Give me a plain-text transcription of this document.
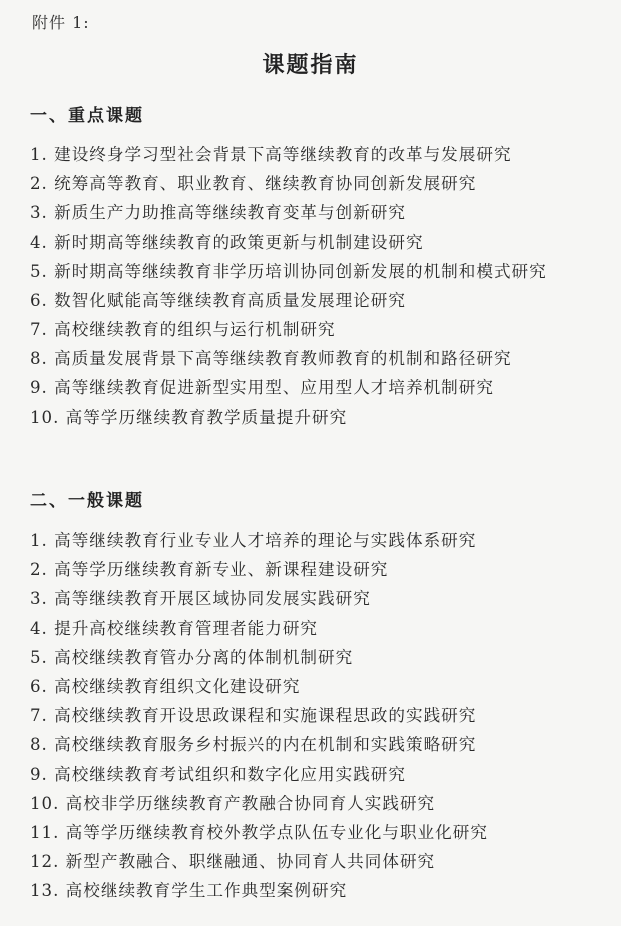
附件 1:
课题指南
一、重点课题
1. 建设终身学习型社会背景下高等继续教育的改革与发展研究
2. 统筹高等教育、职业教育、继续教育协同创新发展研究
3. 新质生产力助推高等继续教育变革与创新研究
4. 新时期高等继续教育的政策更新与机制建设研究
5. 新时期高等继续教育非学历培训协同创新发展的机制和模式研究
6. 数智化赋能高等继续教育高质量发展理论研究
7. 高校继续教育的组织与运行机制研究
8. 高质量发展背景下高等继续教育教师教育的机制和路径研究
9. 高等继续教育促进新型实用型、应用型人才培养机制研究
10. 高等学历继续教育教学质量提升研究
二、一般课题
1. 高等继续教育行业专业人才培养的理论与实践体系研究
2. 高等学历继续教育新专业、新课程建设研究
3. 高等继续教育开展区域协同发展实践研究
4. 提升高校继续教育管理者能力研究
5. 高校继续教育管办分离的体制机制研究
6. 高校继续教育组织文化建设研究
7. 高校继续教育开设思政课程和实施课程思政的实践研究
8. 高校继续教育服务乡村振兴的内在机制和实践策略研究
9. 高校继续教育考试组织和数字化应用实践研究
10. 高校非学历继续教育产教融合协同育人实践研究
11. 高等学历继续教育校外教学点队伍专业化与职业化研究
12. 新型产教融合、职继融通、协同育人共同体研究
13. 高校继续教育学生工作典型案例研究
